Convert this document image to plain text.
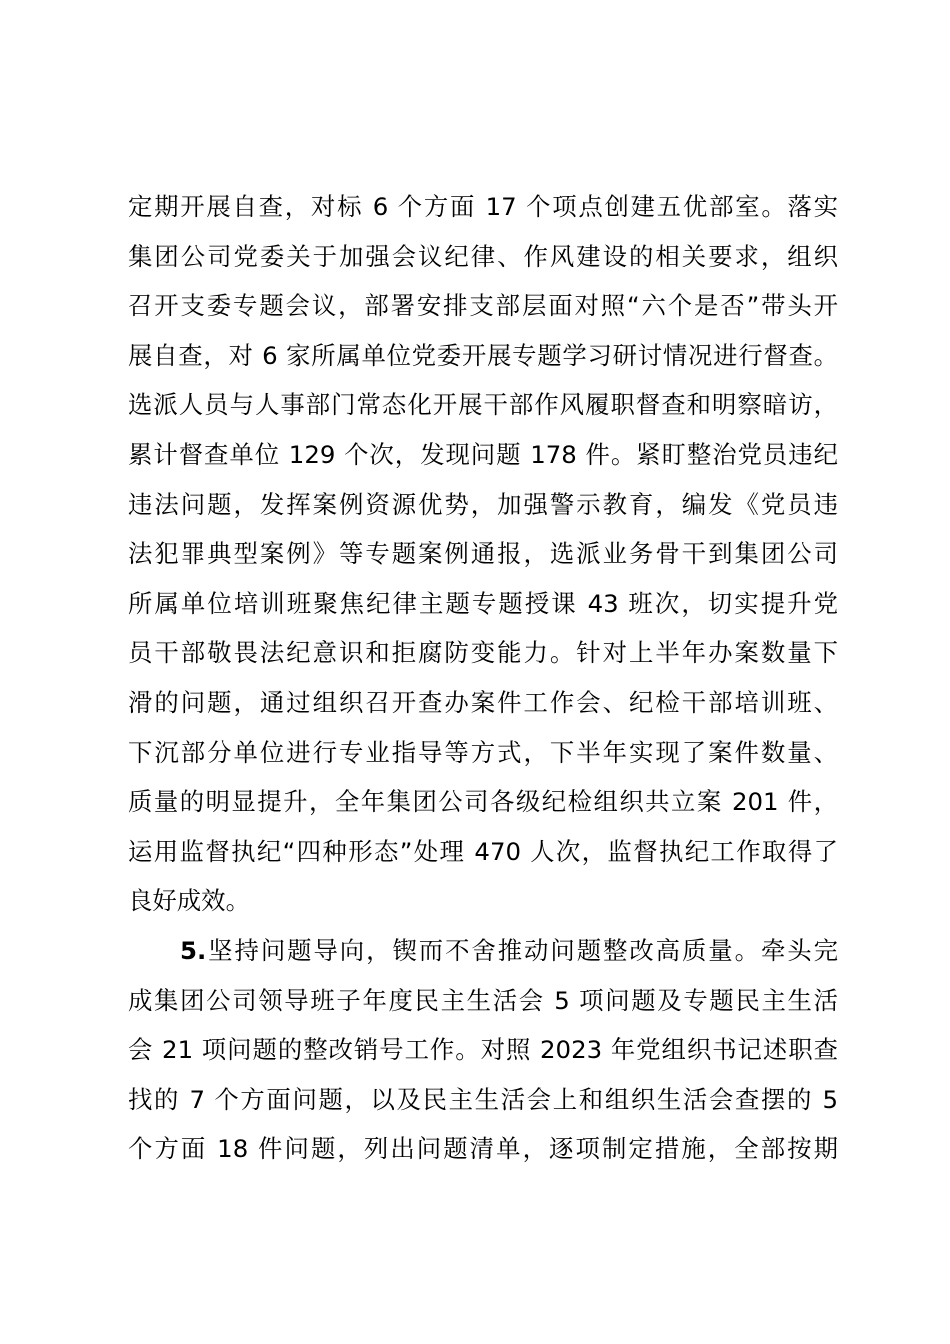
定期开展自查，对标 6 个方面 17 个项点创建五优部室。落实
集团公司党委关于加强会议纪律、作风建设的相关要求，组织
召开支委专题会议，部署安排支部层面对照“六个是否”带头开
展自查，对 6 家所属单位党委开展专题学习研讨情况进行督查。
选派人员与人事部门常态化开展干部作风履职督查和明察暗访，
累计督查单位 129 个次，发现问题 178 件。紧盯整治党员违纪
违法问题，发挥案例资源优势，加强警示教育，编发《党员违
法犯罪典型案例》等专题案例通报，选派业务骨干到集团公司
所属单位培训班聚焦纪律主题专题授课 43 班次，切实提升党
员干部敬畏法纪意识和拒腐防变能力。针对上半年办案数量下
滑的问题，通过组织召开查办案件工作会、纪检干部培训班、
下沉部分单位进行专业指导等方式，下半年实现了案件数量、
质量的明显提升，全年集团公司各级纪检组织共立案 201 件，
运用监督执纪“四种形态”处理 470 人次，监督执纪工作取得了
良好成效。
5.坚持问题导向，锲而不舍推动问题整改高质量。牵头完
成集团公司领导班子年度民主生活会 5 项问题及专题民主生活
会 21 项问题的整改销号工作。对照 2023 年党组织书记述职查
找的 7 个方面问题，以及民主生活会上和组织生活会查摆的 5
个方面 18 件问题，列出问题清单，逐项制定措施，全部按期
